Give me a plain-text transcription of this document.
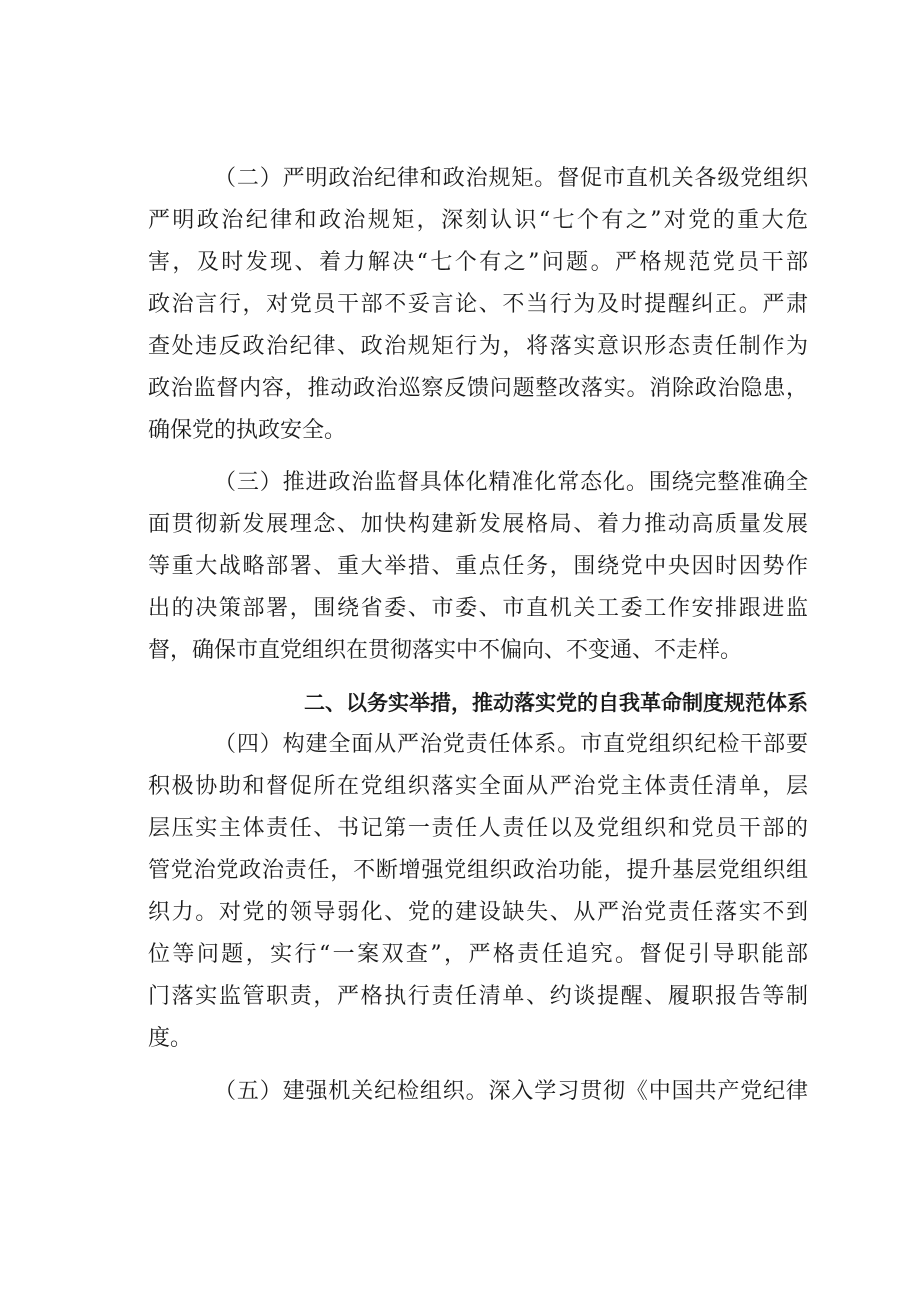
（二）严明政治纪律和政治规矩。督促市直机关各级党组织
严明政治纪律和政治规矩，深刻认识“七个有之”对党的重大危
害，及时发现、着力解决“七个有之”问题。严格规范党员干部
政治言行，对党员干部不妥言论、不当行为及时提醒纠正。严肃
查处违反政治纪律、政治规矩行为，将落实意识形态责任制作为
政治监督内容，推动政治巡察反馈问题整改落实。消除政治隐患，
确保党的执政安全。
（三）推进政治监督具体化精准化常态化。围绕完整准确全
面贯彻新发展理念、加快构建新发展格局、着力推动高质量发展
等重大战略部署、重大举措、重点任务，围绕党中央因时因势作
出的决策部署，围绕省委、市委、市直机关工委工作安排跟进监
督，确保市直党组织在贯彻落实中不偏向、不变通、不走样。
二、以务实举措，推动落实党的自我革命制度规范体系
（四）构建全面从严治党责任体系。市直党组织纪检干部要
积极协助和督促所在党组织落实全面从严治党主体责任清单，层
层压实主体责任、书记第一责任人责任以及党组织和党员干部的
管党治党政治责任，不断增强党组织政治功能，提升基层党组织组
织力。对党的领导弱化、党的建设缺失、从严治党责任落实不到
位等问题，实行“一案双查”，严格责任追究。督促引导职能部
门落实监管职责，严格执行责任清单、约谈提醒、履职报告等制
度。
（五）建强机关纪检组织。深入学习贯彻《中国共产党纪律
